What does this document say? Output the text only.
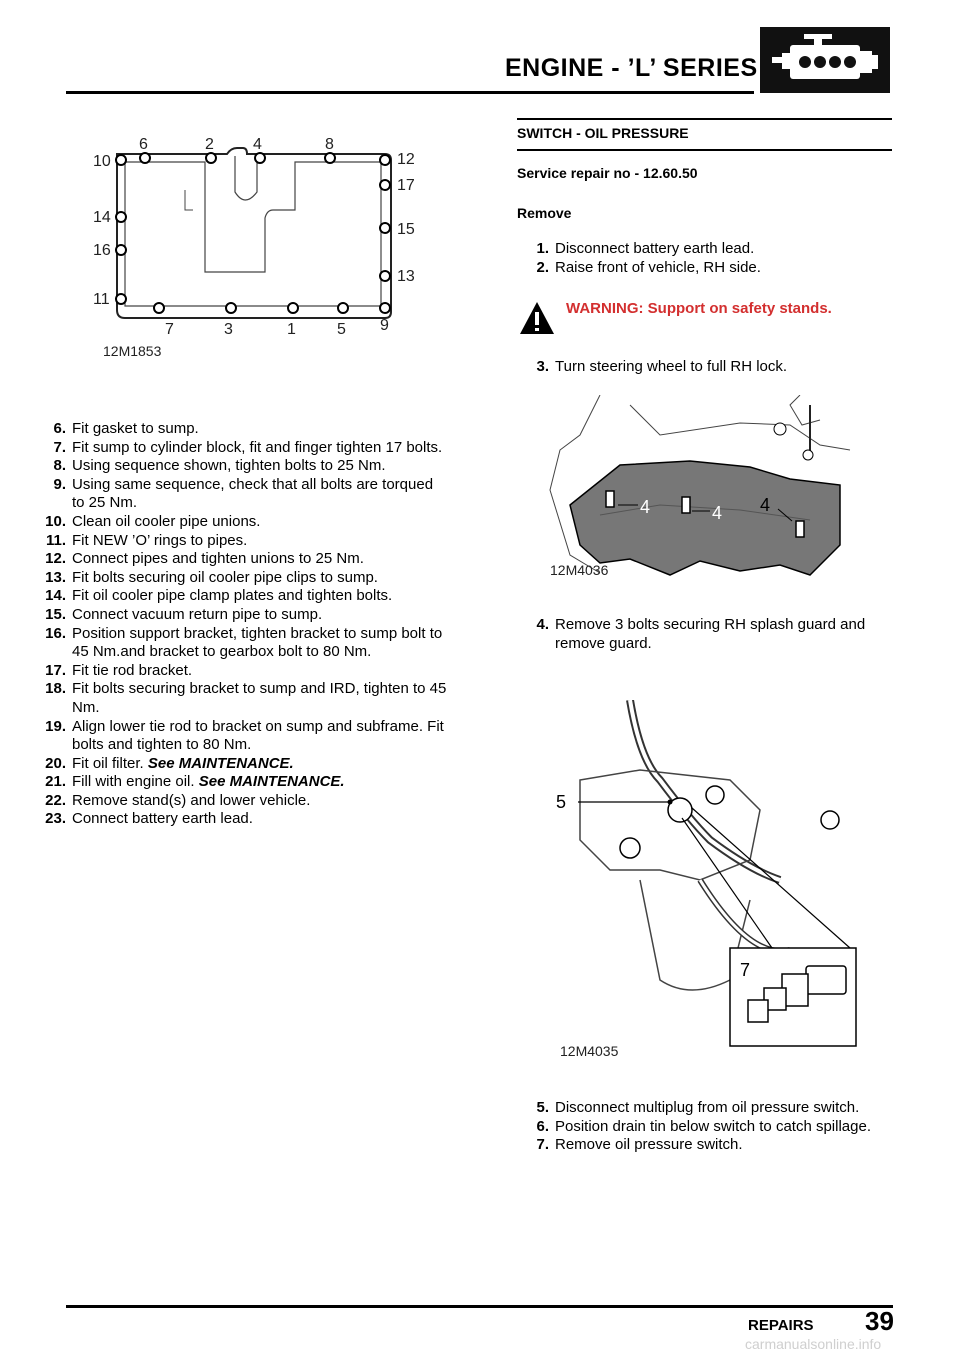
ENGINE - ’L’ SERIES
6	2 4	8
10
14
16
11
12
17
15
13
7	3	1	5 9
12M1853
6. Fit gasket to sump.
7. Fit sump to cylinder block, fit and finger tighten 17 bolts.
8. Using sequence shown, tighten bolts to 25 Nm.
9. Using same sequence, check that all bolts are torqued to 25 Nm.
10. Clean oil cooler pipe unions.
11. Fit NEW ’O’ rings to pipes.
12. Connect pipes and tighten unions to 25 Nm.
13. Fit bolts securing oil cooler pipe clips to sump.
14. Fit oil cooler pipe clamp plates and tighten bolts.
15. Connect vacuum return pipe to sump.
16. Position support bracket, tighten bracket to sump bolt to 45 Nm.and bracket to gearbox bolt to 80 Nm.
17. Fit tie rod bracket.
18. Fit bolts securing bracket to sump and IRD, tighten to 45 Nm.
19. Align lower tie rod to bracket on sump and subframe. Fit bolts and tighten to 80 Nm.
20. Fit oil filter. See MAINTENANCE.
21. Fill with engine oil. See MAINTENANCE.
22. Remove stand(s) and lower vehicle.
23. Connect battery earth lead.
SWITCH - OIL PRESSURE
Service repair no - 12.60.50
Remove
1. Disconnect battery earth lead.
2. Raise front of vehicle, RH side.
WARNING: Support on safety stands.
3. Turn steering wheel to full RH lock.
4	4 4
12M4036
4. Remove 3 bolts securing RH splash guard and remove guard.
5
7
12M4035
5. Disconnect multiplug from oil pressure switch.
6. Position drain tin below switch to catch spillage.
7. Remove oil pressure switch.
REPAIRS 39
carmanualsonline.info
